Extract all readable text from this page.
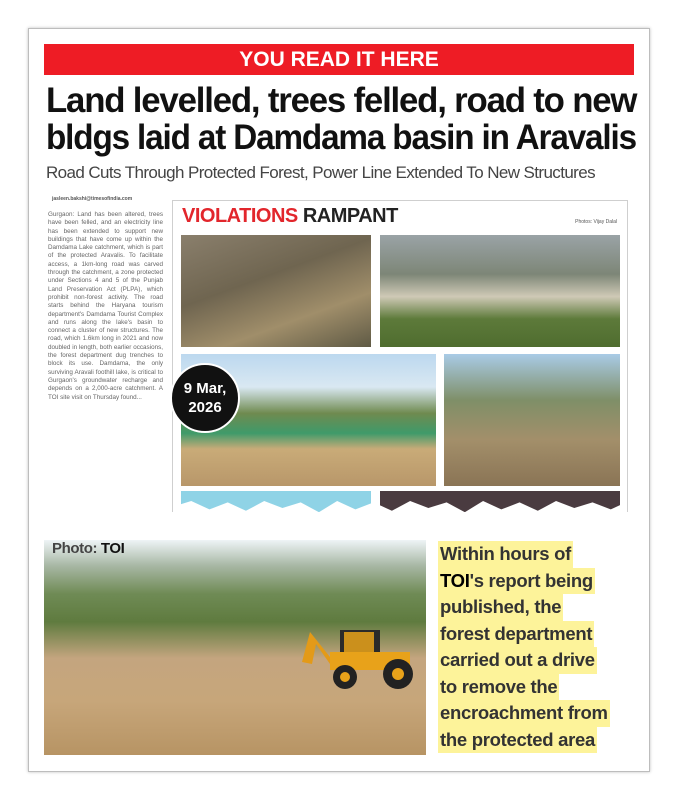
YOU READ IT HERE
Land levelled, trees felled, road to new
bldgs laid at Damdama basin in Aravalis
Road Cuts Through Protected Forest, Power Line Extended To New Structures
jasleen.bakshi@timesofindia.com
Gurgaon: Land has been altered, trees have been felled, and an electricity line has been extended to support new buildings that have come up within the Damdama Lake catchment, which is part of the protected Aravalis. To facilitate access, a 1km-long road was carved through the catchment, a zone protected under Sections 4 and 5 of the Punjab Land Preservation Act (PLPA), which prohibit non-forest activity. The road starts behind the Haryana tourism department's Damdama Tourist Complex and runs along the lake's basin to connect a cluster of new structures. The road, which 1.6km long in 2021 and now doubled in length, both earlier occasions, the forest department dug trenches to block its use. Damdama, the only surviving Aravali foothill lake, is critical to Gurgaon's groundwater recharge and depends on a 2,000-acre catchment. A TOI site visit on Thursday found...
VIOLATIONS RAMPANT	Photos: Vijay Dalal
9 Mar,
2026
Photo: TOI	Within hours of
TOI's report being
published, the
forest department
carried out a drive
to remove the
encroachment from
the protected area
